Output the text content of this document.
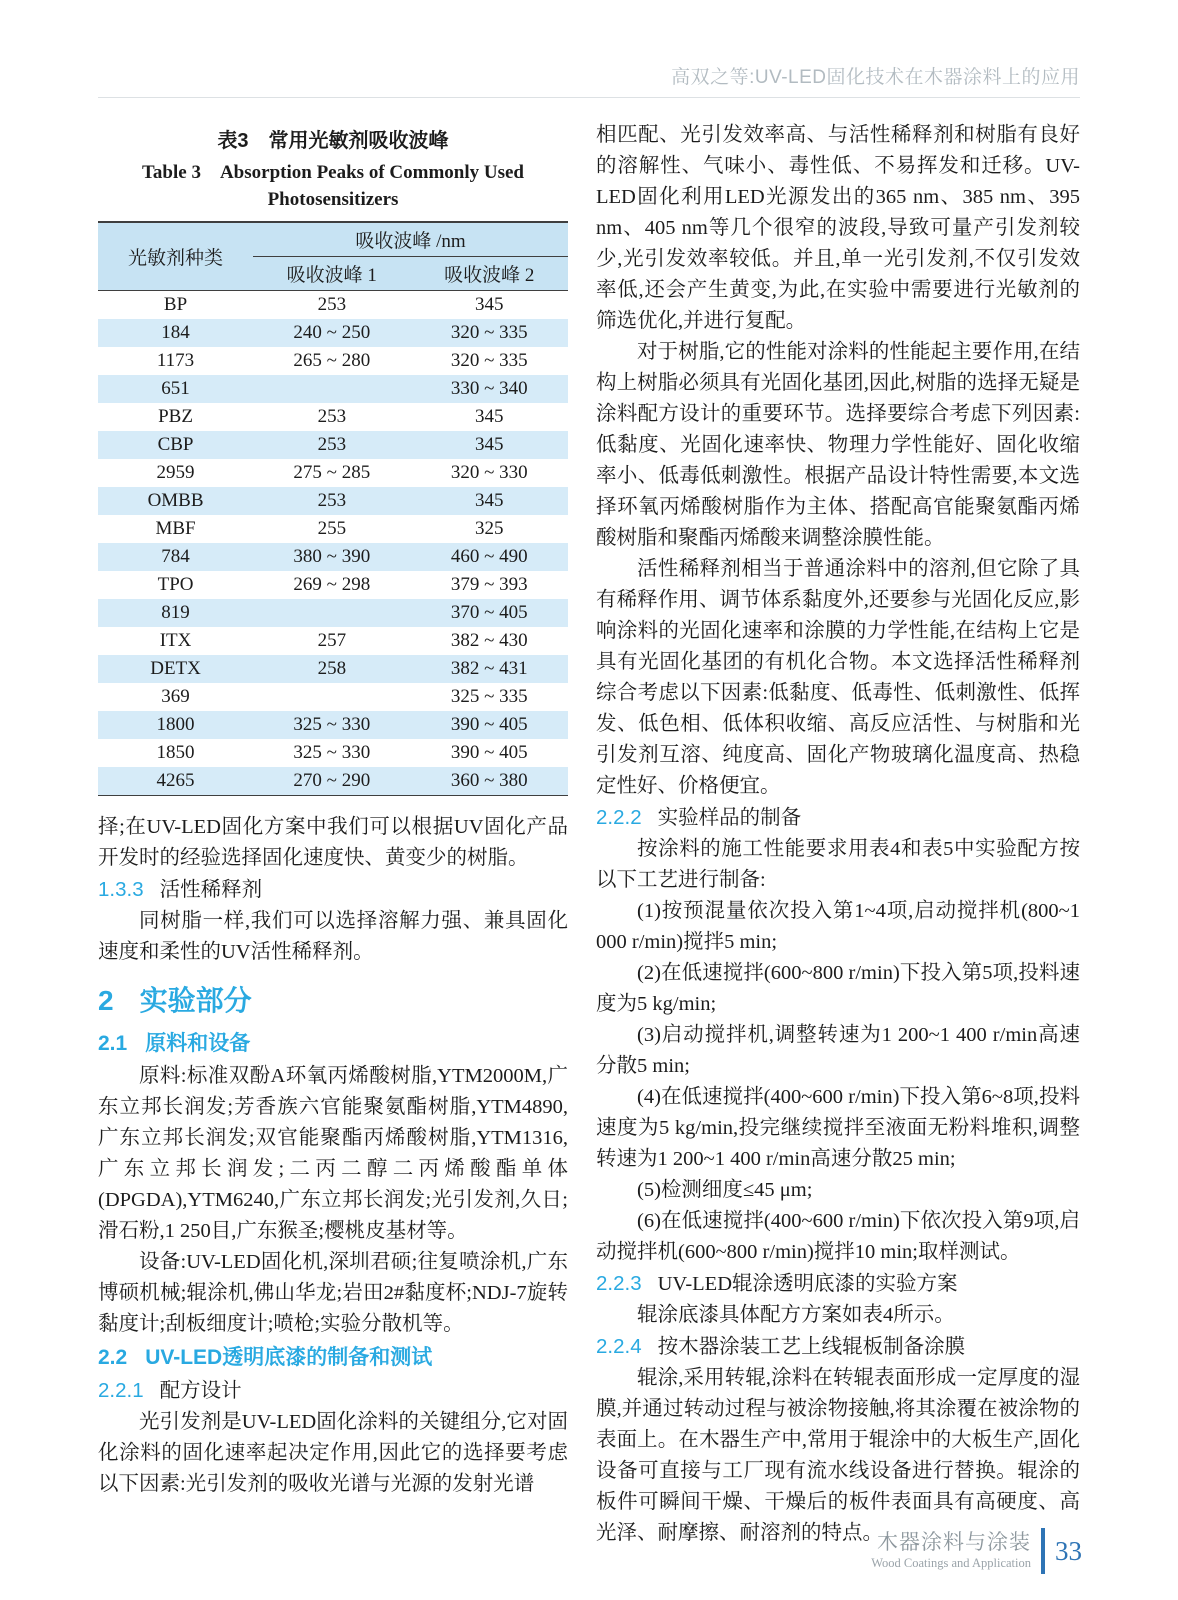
高双之等:UV-LED固化技术在木器涂料上的应用
表3　常用光敏剂吸收波峰
Table 3　Absorption Peaks of Commonly Used
Photosensitizers
光敏剂种类	吸收波峰 /nm	
	吸收波峰 1	吸收波峰 2
BP	253	345
184	240 ~ 250	320 ~ 335
1173	265 ~ 280	320 ~ 335
651		330 ~ 340
PBZ	253	345
CBP	253	345
2959	275 ~ 285	320 ~ 330
OMBB	253	345
MBF	255	325
784	380 ~ 390	460 ~ 490
TPO	269 ~ 298	379 ~ 393
819		370 ~ 405
ITX	257	382 ~ 430
DETX	258	382 ~ 431
369		325 ~ 335
1800	325 ~ 330	390 ~ 405
1850	325 ~ 330	390 ~ 405
4265	270 ~ 290	360 ~ 380

择;在UV-LED固化方案中我们可以根据UV固化产品开发时的经验选择固化速度快、黄变少的树脂。

1.3.3 活性稀释剂

同树脂一样,我们可以选择溶解力强、兼具固化速度和柔性的UV活性稀释剂。

2 实验部分
2.1 原料和设备

原料:标准双酚A环氧丙烯酸树脂,YTM2000M,广东立邦长润发;芳香族六官能聚氨酯树脂,YTM4890,广东立邦长润发;双官能聚酯丙烯酸树脂,YTM1316,广东立邦长润发;二丙二醇二丙烯酸酯单体(DPGDA),YTM6240,广东立邦长润发;光引发剂,久日;滑石粉,1 250目,广东猴圣;樱桃皮基材等。

设备:UV-LED固化机,深圳君硕;往复喷涂机,广东博硕机械;辊涂机,佛山华龙;岩田2#黏度杯;NDJ-7旋转黏度计;刮板细度计;喷枪;实验分散机等。

2.2 UV-LED透明底漆的制备和测试

2.2.1 配方设计

光引发剂是UV-LED固化涂料的关键组分,它对固化涂料的固化速率起决定作用,因此它的选择要考虑以下因素:光引发剂的吸收光谱与光源的发射光谱

相匹配、光引发效率高、与活性稀释剂和树脂有良好的溶解性、气味小、毒性低、不易挥发和迁移。UV-LED固化利用LED光源发出的365 nm、385 nm、395 nm、405 nm等几个很窄的波段,导致可量产引发剂较少,光引发效率较低。并且,单一光引发剂,不仅引发效率低,还会产生黄变,为此,在实验中需要进行光敏剂的筛选优化,并进行复配。

对于树脂,它的性能对涂料的性能起主要作用,在结构上树脂必须具有光固化基团,因此,树脂的选择无疑是涂料配方设计的重要环节。选择要综合考虑下列因素:低黏度、光固化速率快、物理力学性能好、固化收缩率小、低毒低刺激性。根据产品设计特性需要,本文选择环氧丙烯酸树脂作为主体、搭配高官能聚氨酯丙烯酸树脂和聚酯丙烯酸来调整涂膜性能。

活性稀释剂相当于普通涂料中的溶剂,但它除了具有稀释作用、调节体系黏度外,还要参与光固化反应,影响涂料的光固化速率和涂膜的力学性能,在结构上它是具有光固化基团的有机化合物。本文选择活性稀释剂综合考虑以下因素:低黏度、低毒性、低刺激性、低挥发、低色相、低体积收缩、高反应活性、与树脂和光引发剂互溶、纯度高、固化产物玻璃化温度高、热稳定性好、价格便宜。

2.2.2 实验样品的制备

按涂料的施工性能要求用表4和表5中实验配方按以下工艺进行制备:

(1)按预混量依次投入第1~4项,启动搅拌机(800~1 000 r/min)搅拌5 min;

(2)在低速搅拌(600~800 r/min)下投入第5项,投料速度为5 kg/min;

(3)启动搅拌机,调整转速为1 200~1 400 r/min高速分散5 min;

(4)在低速搅拌(400~600 r/min)下投入第6~8项,投料速度为5 kg/min,投完继续搅拌至液面无粉料堆积,调整转速为1 200~1 400 r/min高速分散25 min;

(5)检测细度≤45 μm;

(6)在低速搅拌(400~600 r/min)下依次投入第9项,启动搅拌机(600~800 r/min)搅拌10 min;取样测试。

2.2.3 UV-LED辊涂透明底漆的实验方案

辊涂底漆具体配方方案如表4所示。

2.2.4 按木器涂装工艺上线辊板制备涂膜

辊涂,采用转辊,涂料在转辊表面形成一定厚度的湿膜,并通过转动过程与被涂物接触,将其涂覆在被涂物的表面上。在木器生产中,常用于辊涂中的大板生产,固化设备可直接与工厂现有流水线设备进行替换。辊涂的板件可瞬间干燥、干燥后的板件表面具有高硬度、高光泽、耐摩擦、耐溶剂的特点。

木器涂料与涂装
Wood Coatings and Application 33
